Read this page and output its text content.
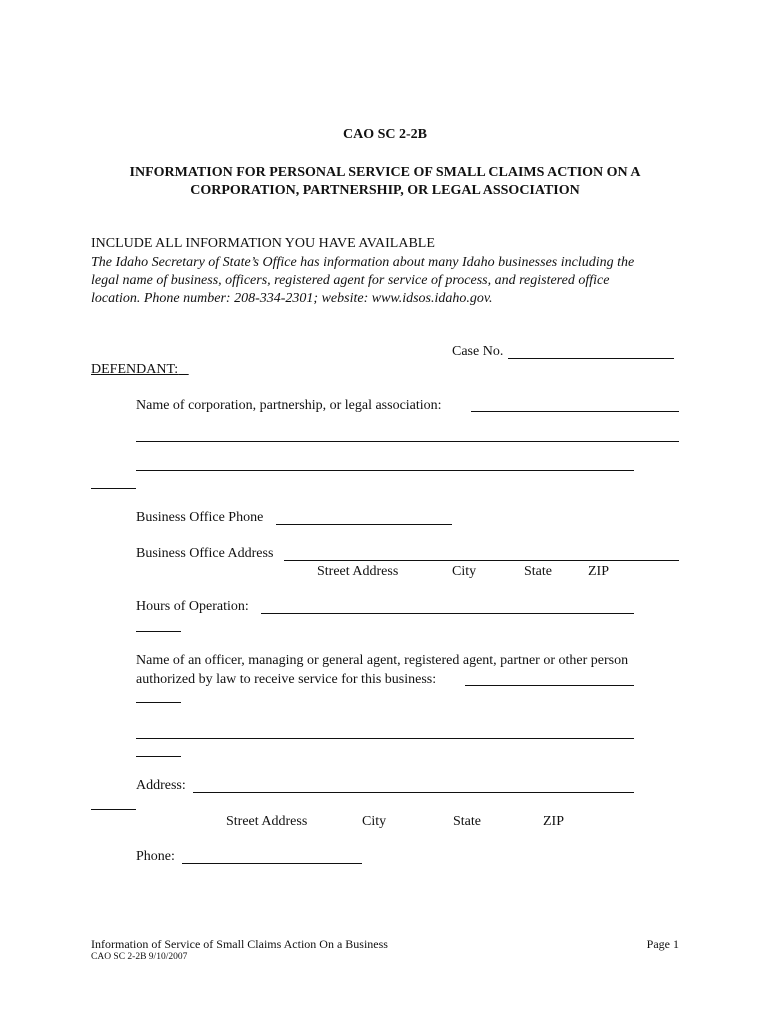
CAO SC 2-2B
INFORMATION FOR PERSONAL SERVICE OF SMALL CLAIMS ACTION ON A
CORPORATION, PARTNERSHIP, OR LEGAL ASSOCIATION
INCLUDE ALL INFORMATION YOU HAVE AVAILABLE
The Idaho Secretary of State’s Office has information about many Idaho businesses including the
legal name of business, officers, registered agent for service of process, and registered office
location. Phone number: 208-334-2301; website: www.idsos.idaho.gov.
Case No.
DEFENDANT:
Name of corporation, partnership, or legal association:
Business Office Phone
Business Office Address
Street Address	City	State	ZIP
Hours of Operation:
Name of an officer, managing or general agent, registered agent, partner or other person
authorized by law to receive service for this business:
Address:
Street Address	City	State	ZIP
Phone:
Information of Service of Small Claims Action On a Business	Page 1
CAO SC 2-2B 9/10/2007
